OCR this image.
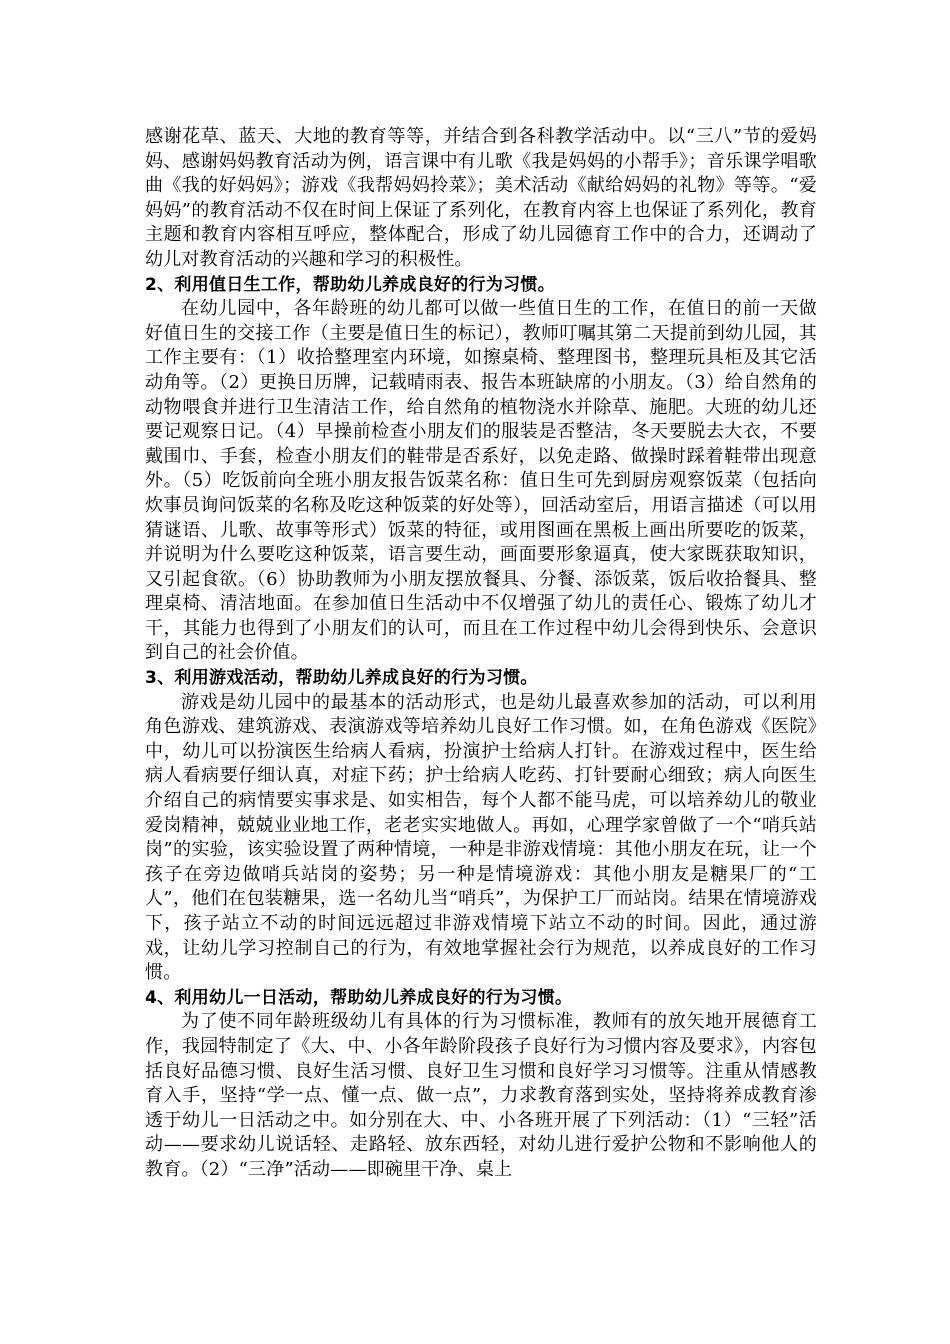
感谢花草、蓝天、大地的教育等等，并结合到各科教学活动中。以“三八”节的爱妈妈、感谢妈妈教育活动为例，语言课中有儿歌《我是妈妈的小帮手》；音乐课学唱歌曲《我的好妈妈》；游戏《我帮妈妈拎菜》；美术活动《献给妈妈的礼物》等等。“爱妈妈”的教育活动不仅在时间上保证了系列化，在教育内容上也保证了系列化，教育主题和教育内容相互呼应，整体配合，形成了幼儿园德育工作中的合力，还调动了幼儿对教育活动的兴趣和学习的积极性。

2、利用值日生工作，帮助幼儿养成良好的行为习惯。

在幼儿园中，各年龄班的幼儿都可以做一些值日生的工作，在值日的前一天做好值日生的交接工作（主要是值日生的标记），教师叮嘱其第二天提前到幼儿园，其工作主要有：（1）收拾整理室内环境，如擦桌椅、整理图书，整理玩具柜及其它活动角等。（2）更换日历牌，记载晴雨表、报告本班缺席的小朋友。（3）给自然角的动物喂食并进行卫生清洁工作，给自然角的植物浇水并除草、施肥。大班的幼儿还要记观察日记。（4）早操前检查小朋友们的服装是否整洁，冬天要脱去大衣，不要戴围巾、手套，检查小朋友们的鞋带是否系好，以免走路、做操时踩着鞋带出现意外。（5）吃饭前向全班小朋友报告饭菜名称：值日生可先到厨房观察饭菜（包括向炊事员询问饭菜的名称及吃这种饭菜的好处等），回活动室后，用语言描述（可以用猜谜语、儿歌、故事等形式）饭菜的特征，或用图画在黑板上画出所要吃的饭菜，并说明为什么要吃这种饭菜，语言要生动，画面要形象逼真，使大家既获取知识，又引起食欲。（6）协助教师为小朋友摆放餐具、分餐、添饭菜，饭后收拾餐具、整理桌椅、清洁地面。在参加值日生活动中不仅增强了幼儿的责任心、锻炼了幼儿才干，其能力也得到了小朋友们的认可，而且在工作过程中幼儿会得到快乐、会意识到自己的社会价值。

3、利用游戏活动，帮助幼儿养成良好的行为习惯。

游戏是幼儿园中的最基本的活动形式，也是幼儿最喜欢参加的活动，可以利用角色游戏、建筑游戏、表演游戏等培养幼儿良好工作习惯。如，在角色游戏《医院》中，幼儿可以扮演医生给病人看病，扮演护士给病人打针。在游戏过程中，医生给病人看病要仔细认真，对症下药；护士给病人吃药、打针要耐心细致；病人向医生介绍自己的病情要实事求是、如实相告，每个人都不能马虎，可以培养幼儿的敬业爱岗精神，兢兢业业地工作，老老实实地做人。再如，心理学家曾做了一个“哨兵站岗”的实验，该实验设置了两种情境，一种是非游戏情境：其他小朋友在玩，让一个孩子在旁边做哨兵站岗的姿势；另一种是情境游戏：其他小朋友是糖果厂的“工人”，他们在包装糖果，选一名幼儿当“哨兵”，为保护工厂而站岗。结果在情境游戏下，孩子站立不动的时间远远超过非游戏情境下站立不动的时间。因此，通过游戏，让幼儿学习控制自己的行为，有效地掌握社会行为规范，以养成良好的工作习惯。

4、利用幼儿一日活动，帮助幼儿养成良好的行为习惯。

为了使不同年龄班级幼儿有具体的行为习惯标准，教师有的放矢地开展德育工作，我园特制定了《大、中、小各年龄阶段孩子良好行为习惯内容及要求》，内容包括良好品德习惯、良好生活习惯、良好卫生习惯和良好学习习惯等。注重从情感教育入手，坚持“学一点、懂一点、做一点”，力求教育落到实处，坚持将养成教育渗透于幼儿一日活动之中。如分别在大、中、小各班开展了下列活动：（1）“三轻”活动——要求幼儿说话轻、走路轻、放东西轻，对幼儿进行爱护公物和不影响他人的教育。（2）“三净”活动——即碗里干净、桌上
